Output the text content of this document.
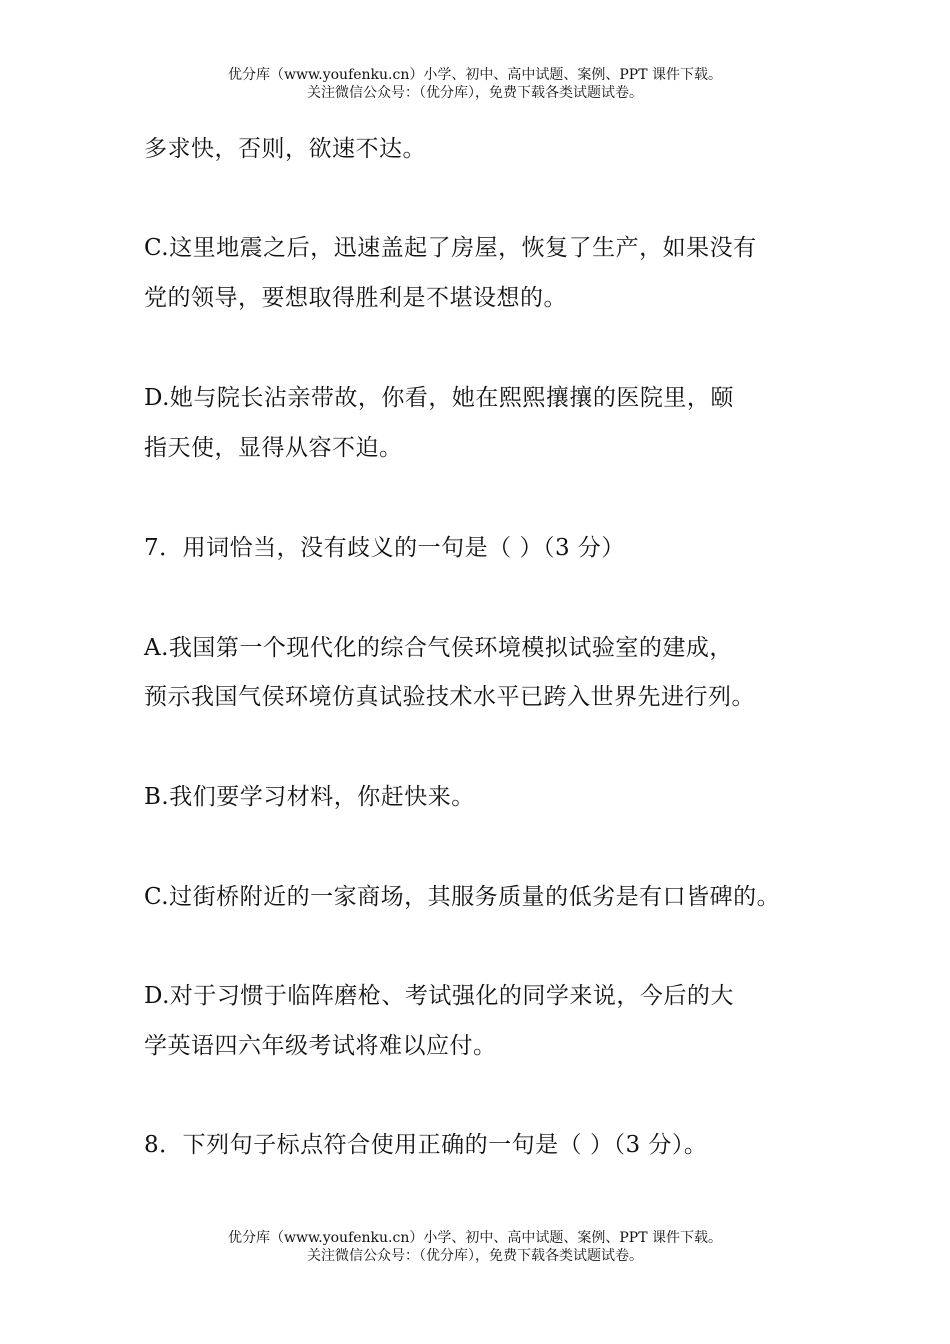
优分库（www.youfenku.cn）小学、初中、高中试题、案例、PPT 课件下载。
关注微信公众号：（优分库），免费下载各类试题试卷。
多求快，否则，欲速不达。
C.这里地震之后，迅速盖起了房屋，恢复了生产，如果没有
党的领导，要想取得胜利是不堪设想的。
D.她与院长沾亲带故，你看，她在熙熙攘攘的医院里，颐
指天使，显得从容不迫。
7．用词恰当，没有歧义的一句是（ ）（3 分）
A.我国第一个现代化的综合气侯环境模拟试验室的建成，
预示我国气侯环境仿真试验技术水平已跨入世界先进行列。
B.我们要学习材料，你赶快来。
C.过街桥附近的一家商场，其服务质量的低劣是有口皆碑的。
D.对于习惯于临阵磨枪、考试强化的同学来说，今后的大
学英语四六年级考试将难以应付。
8．下列句子标点符合使用正确的一句是（ ）（3 分）。
优分库（www.youfenku.cn）小学、初中、高中试题、案例、PPT 课件下载。
关注微信公众号：（优分库），免费下载各类试题试卷。
